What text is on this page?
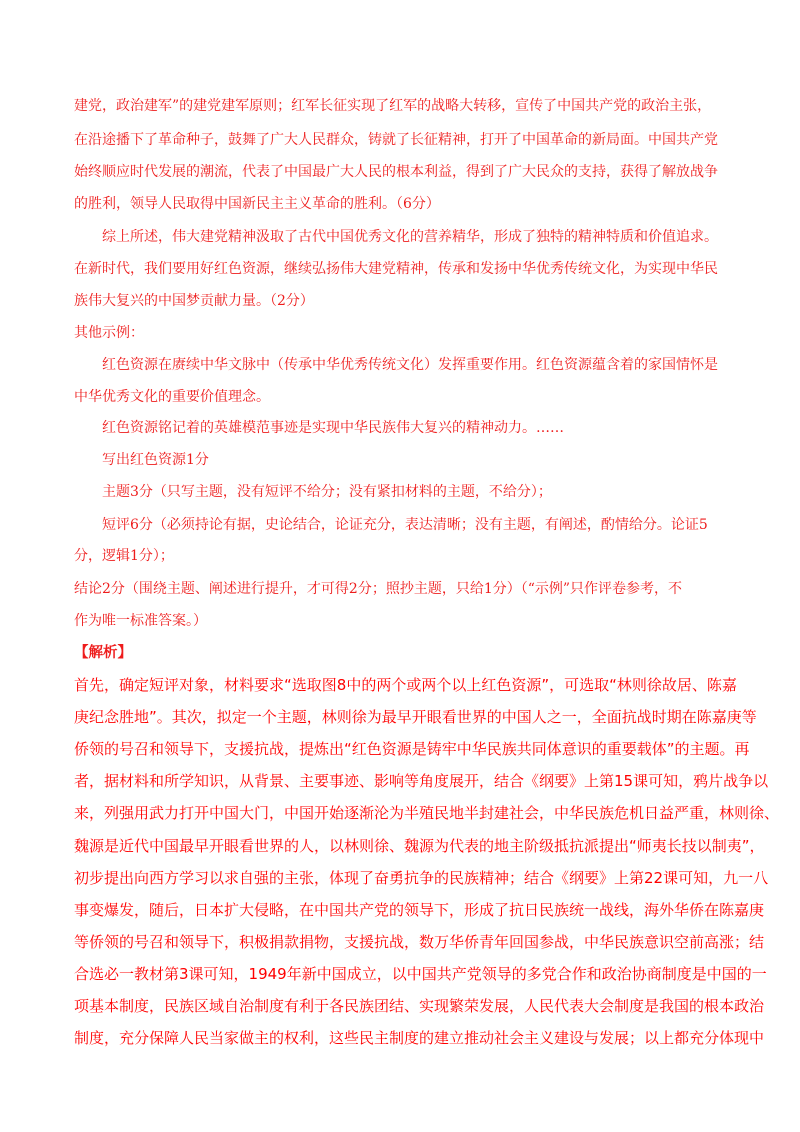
建党，政治建军”的建党建军原则；红军长征实现了红军的战略大转移，宣传了中国共产党的政治主张，
在沿途播下了革命种子，鼓舞了广大人民群众，铸就了长征精神，打开了中国革命的新局面。中国共产党
始终顺应时代发展的潮流，代表了中国最广大人民的根本利益，得到了广大民众的支持，获得了解放战争
的胜利，领导人民取得中国新民主主义革命的胜利。（6分）
综上所述，伟大建党精神汲取了古代中国优秀文化的营养精华，形成了独特的精神特质和价值追求。
在新时代，我们要用好红色资源，继续弘扬伟大建党精神，传承和发扬中华优秀传统文化，为实现中华民
族伟大复兴的中国梦贡献力量。（2分）
其他示例：
红色资源在赓续中华文脉中（传承中华优秀传统文化）发挥重要作用。红色资源蕴含着的家国情怀是
中华优秀文化的重要价值理念。
红色资源铭记着的英雄模范事迹是实现中华民族伟大复兴的精神动力。……
写出红色资源1分
主题3分（只写主题，没有短评不给分；没有紧扣材料的主题，不给分）；
短评6分（必须持论有据，史论结合，论证充分，表达清晰；没有主题，有阐述，酌情给分。论证5
分，逻辑1分）；
结论2分（围绕主题、阐述进行提升，才可得2分；照抄主题，只给1分）（“示例”只作评卷参考，不
作为唯一标准答案。）
【解析】
首先，确定短评对象，材料要求“选取图8中的两个或两个以上红色资源”，可选取“林则徐故居、陈嘉
庚纪念胜地”。其次，拟定一个主题，林则徐为最早开眼看世界的中国人之一，全面抗战时期在陈嘉庚等
侨领的号召和领导下，支援抗战，提炼出“红色资源是铸牢中华民族共同体意识的重要载体”的主题。再
者，据材料和所学知识，从背景、主要事迹、影响等角度展开，结合《纲要》上第15课可知，鸦片战争以
来，列强用武力打开中国大门，中国开始逐渐沦为半殖民地半封建社会，中华民族危机日益严重，林则徐、
魏源是近代中国最早开眼看世界的人，以林则徐、魏源为代表的地主阶级抵抗派提出“师夷长技以制夷”，
初步提出向西方学习以求自强的主张，体现了奋勇抗争的民族精神；结合《纲要》上第22课可知，九一八
事变爆发，随后，日本扩大侵略，在中国共产党的领导下，形成了抗日民族统一战线，海外华侨在陈嘉庚
等侨领的号召和领导下，积极捐款捐物，支援抗战，数万华侨青年回国参战，中华民族意识空前高涨；结
合选必一教材第3课可知，1949年新中国成立，以中国共产党领导的多党合作和政治协商制度是中国的一
项基本制度，民族区域自治制度有利于各民族团结、实现繁荣发展，人民代表大会制度是我国的根本政治
制度，充分保障人民当家做主的权利，这些民主制度的建立推动社会主义建设与发展；以上都充分体现中
